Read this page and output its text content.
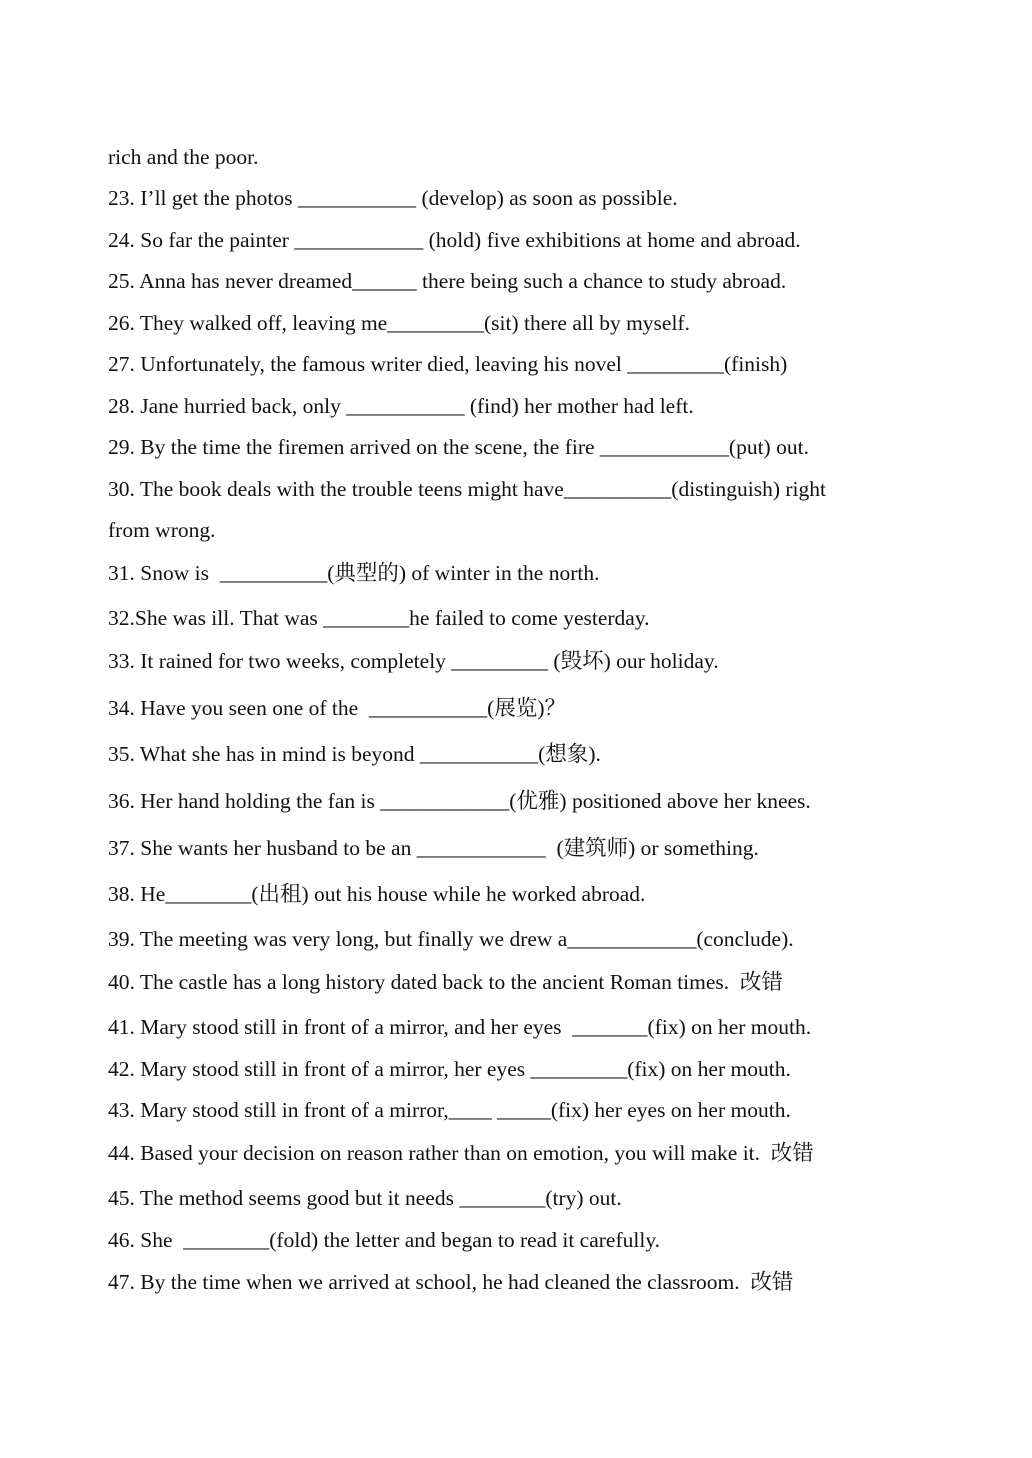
rich and the poor.
23. I’ll get the photos ___________ (develop) as soon as possible.
24. So far the painter ____________ (hold) five exhibitions at home and abroad.
25. Anna has never dreamed______ there being such a chance to study abroad.
26. They walked off, leaving me_________(sit) there all by myself.
27. Unfortunately, the famous writer died, leaving his novel _________(finish)
28. Jane hurried back, only ___________ (find) her mother had left.
29. By the time the firemen arrived on the scene, the fire ____________(put) out.
30. The book deals with the trouble teens might have__________(distinguish) right
from wrong.
31. Snow is  __________(典型的) of winter in the north.
32.She was ill. That was ________he failed to come yesterday.
33. It rained for two weeks, completely _________ (毁坏) our holiday.
34. Have you seen one of the  ___________(展览)？
35. What she has in mind is beyond ___________(想象).
36. Her hand holding the fan is ____________(优雅) positioned above her knees.
37. She wants her husband to be an ____________  (建筑师) or something.
38. He________(出租) out his house while he worked abroad.
39. The meeting was very long, but finally we drew a____________(conclude).
40. The castle has a long history dated back to the ancient Roman times.  改错
41. Mary stood still in front of a mirror, and her eyes  _______(fix) on her mouth.
42. Mary stood still in front of a mirror, her eyes _________(fix) on her mouth.
43. Mary stood still in front of a mirror,____ _____(fix) her eyes on her mouth.
44. Based your decision on reason rather than on emotion, you will make it.  改错
45. The method seems good but it needs ________(try) out.
46. She  ________(fold) the letter and began to read it carefully.
47. By the time when we arrived at school, he had cleaned the classroom.  改错
